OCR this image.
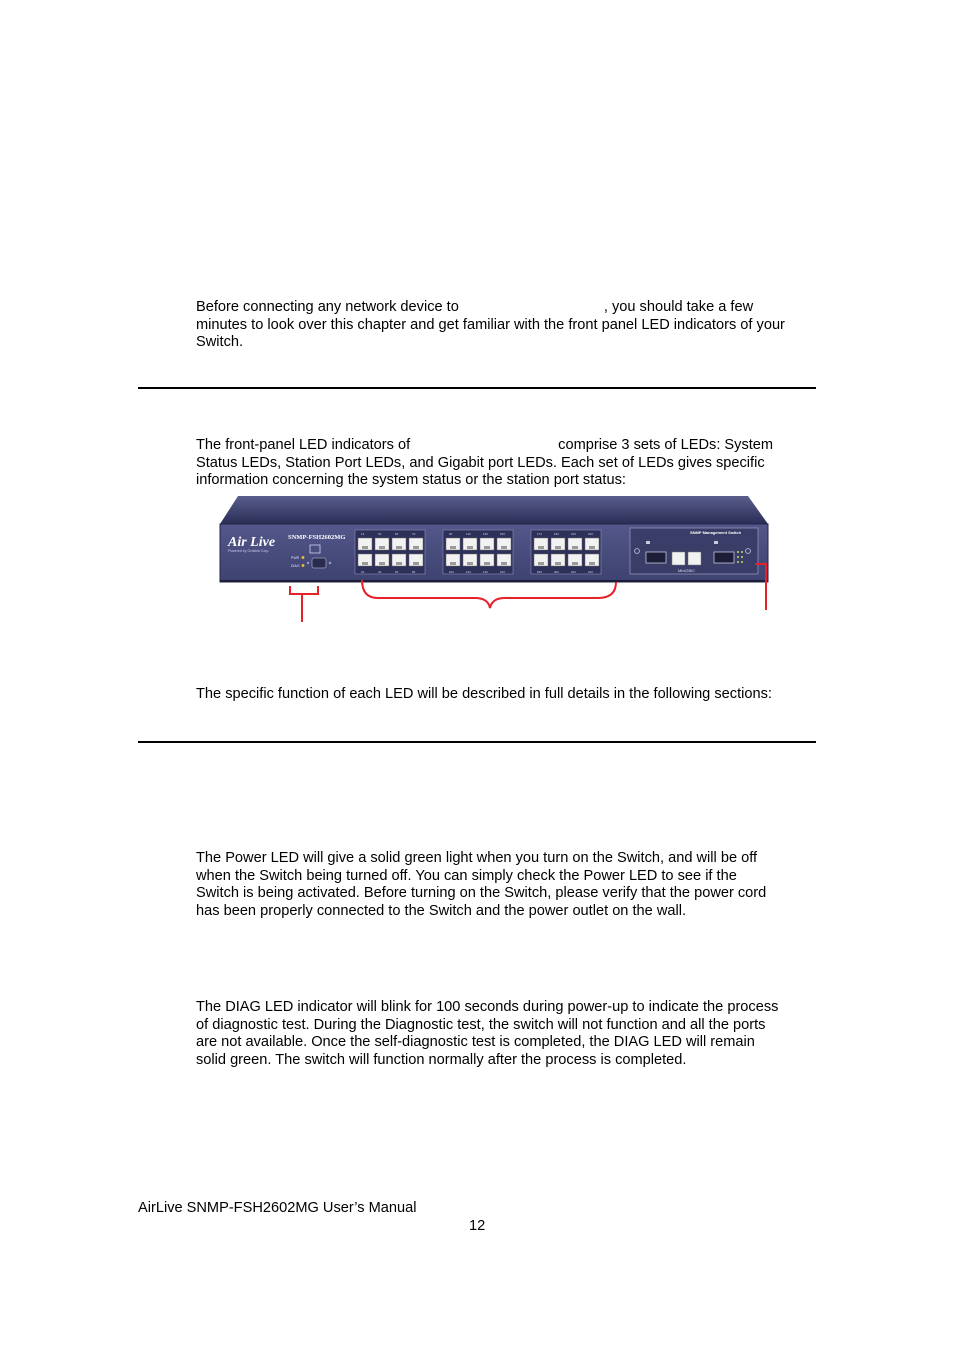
Before connecting any network device to	, you should take a few
minutes to look over this chapter and get familiar with the front panel LED indicators of your
Switch.
The front-panel LED indicators of	comprise 3 sets of LEDs: System
Status LEDs, Station Port LEDs, and Gigabit port LEDs. Each set of LEDs gives specific
information concerning the system status or the station port status:
Air Live
Powered by Ovislink Corp.
SNMP-FSH2602MG
PWR
DIAG
1X
2X
3X
4X
5X
6X
7X
8X
9X
10X
11X
12X
13X
14X
15X
16X
17X
18X
19X
20X
21X
22X
23X
24X
SNMP Management Switch
MiniGBIC
The specific function of each LED will be described in full details in the following sections:
The Power LED will give a solid green light when you turn on the Switch, and will be off
when the Switch being turned off. You can simply check the Power LED to see if the
Switch is being activated. Before turning on the Switch, please verify that the power cord
has been properly connected to the Switch and the power outlet on the wall.
The DIAG LED indicator will blink for 100 seconds during power-up to indicate the process
of diagnostic test. During the Diagnostic test, the switch will not function and all the ports
are not available. Once the self-diagnostic test is completed, the DIAG LED will remain
solid green. The switch will function normally after the process is completed.
AirLive SNMP-FSH2602MG User’s Manual
12
